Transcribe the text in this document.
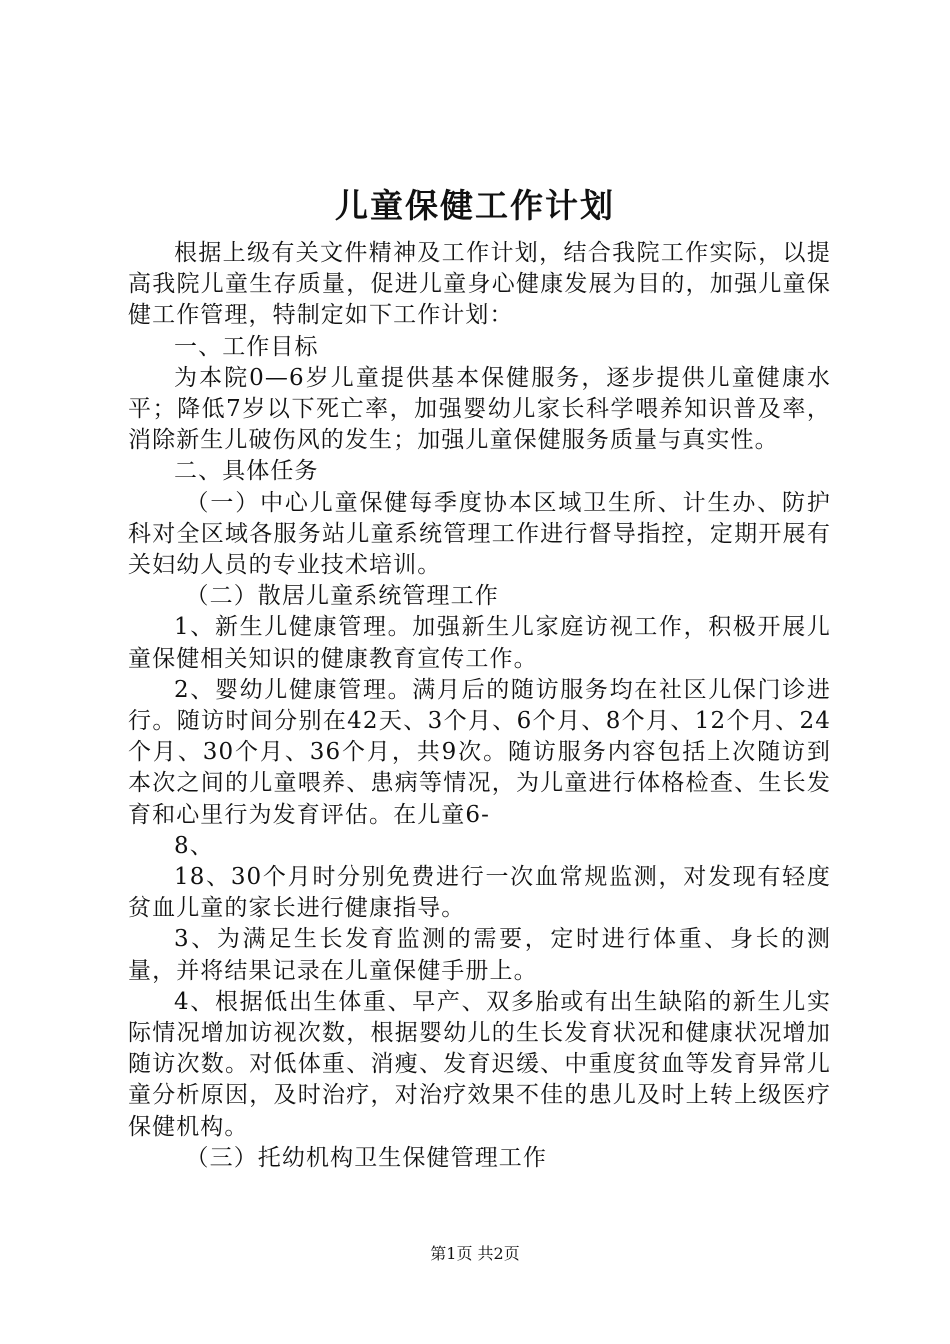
儿童保健工作计划

根据上级有关文件精神及工作计划，结合我院工作实际，以提高我院儿童生存质量，促进儿童身心健康发展为目的，加强儿童保健工作管理，特制定如下工作计划：

一、工作目标

为本院0—6岁儿童提供基本保健服务，逐步提供儿童健康水平；降低7岁以下死亡率，加强婴幼儿家长科学喂养知识普及率，消除新生儿破伤风的发生；加强儿童保健服务质量与真实性。

二、具体任务

（一）中心儿童保健每季度协本区域卫生所、计生办、防护科对全区域各服务站儿童系统管理工作进行督导指控，定期开展有关妇幼人员的专业技术培训。

（二）散居儿童系统管理工作

1、新生儿健康管理。加强新生儿家庭访视工作，积极开展儿童保健相关知识的健康教育宣传工作。

2、婴幼儿健康管理。满月后的随访服务均在社区儿保门诊进行。随访时间分别在42天、3个月、6个月、8个月、12个月、24个月、30个月、36个月，共9次。随访服务内容包括上次随访到本次之间的儿童喂养、患病等情况，为儿童进行体格检查、生长发育和心里行为发育评估。在儿童6-

8、

18、30个月时分别免费进行一次血常规监测，对发现有轻度贫血儿童的家长进行健康指导。

3、为满足生长发育监测的需要，定时进行体重、身长的测量，并将结果记录在儿童保健手册上。

4、根据低出生体重、早产、双多胎或有出生缺陷的新生儿实际情况增加访视次数，根据婴幼儿的生长发育状况和健康状况增加随访次数。对低体重、消瘦、发育迟缓、中重度贫血等发育异常儿童分析原因，及时治疗，对治疗效果不佳的患儿及时上转上级医疗保健机构。

（三）托幼机构卫生保健管理工作

第1页 共2页
